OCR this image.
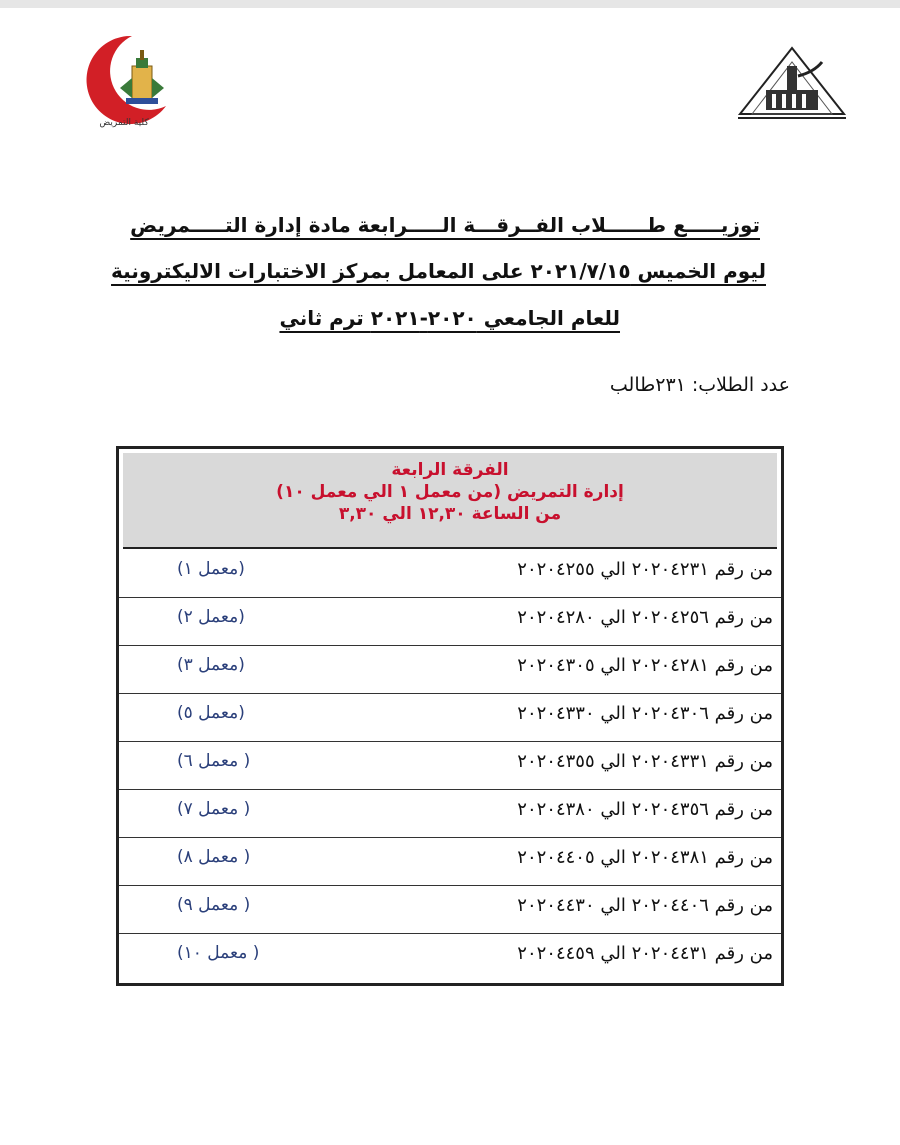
كلية التمريض

توزيـــــع طــــــلاب الفــرقـــة الـــــرابعة مادة إدارة التـــــمريض

ليوم الخميس ٢٠٢١/٧/١٥ على المعامل بمركز الاختبارات الاليكترونية

للعام الجامعي ٢٠٢٠-٢٠٢١ ترم ثاني

عدد الطلاب: ٢٣١طالب
الفرقة الرابعة
إدارة التمريض (من معمل ١ الي معمل ١٠)
من الساعة ١٢,٣٠ الي ٣,٣٠
من رقم ٢٠٢٠٤٢٣١ الي ٢٠٢٠٤٢٥٥
(معمل ١)
من رقم ٢٠٢٠٤٢٥٦ الي ٢٠٢٠٤٢٨٠
(معمل ٢)
من رقم ٢٠٢٠٤٢٨١ الي ٢٠٢٠٤٣٠٥
(معمل ٣)
من رقم ٢٠٢٠٤٣٠٦ الي ٢٠٢٠٤٣٣٠
(معمل ٥)
من رقم ٢٠٢٠٤٣٣١ الي ٢٠٢٠٤٣٥٥
( معمل ٦)
من رقم ٢٠٢٠٤٣٥٦ الي ٢٠٢٠٤٣٨٠
( معمل ٧)
من رقم ٢٠٢٠٤٣٨١ الي ٢٠٢٠٤٤٠٥
( معمل ٨)
من رقم ٢٠٢٠٤٤٠٦ الي ٢٠٢٠٤٤٣٠
( معمل ٩)
من رقم ٢٠٢٠٤٤٣١ الي ٢٠٢٠٤٤٥٩
( معمل ١٠)
